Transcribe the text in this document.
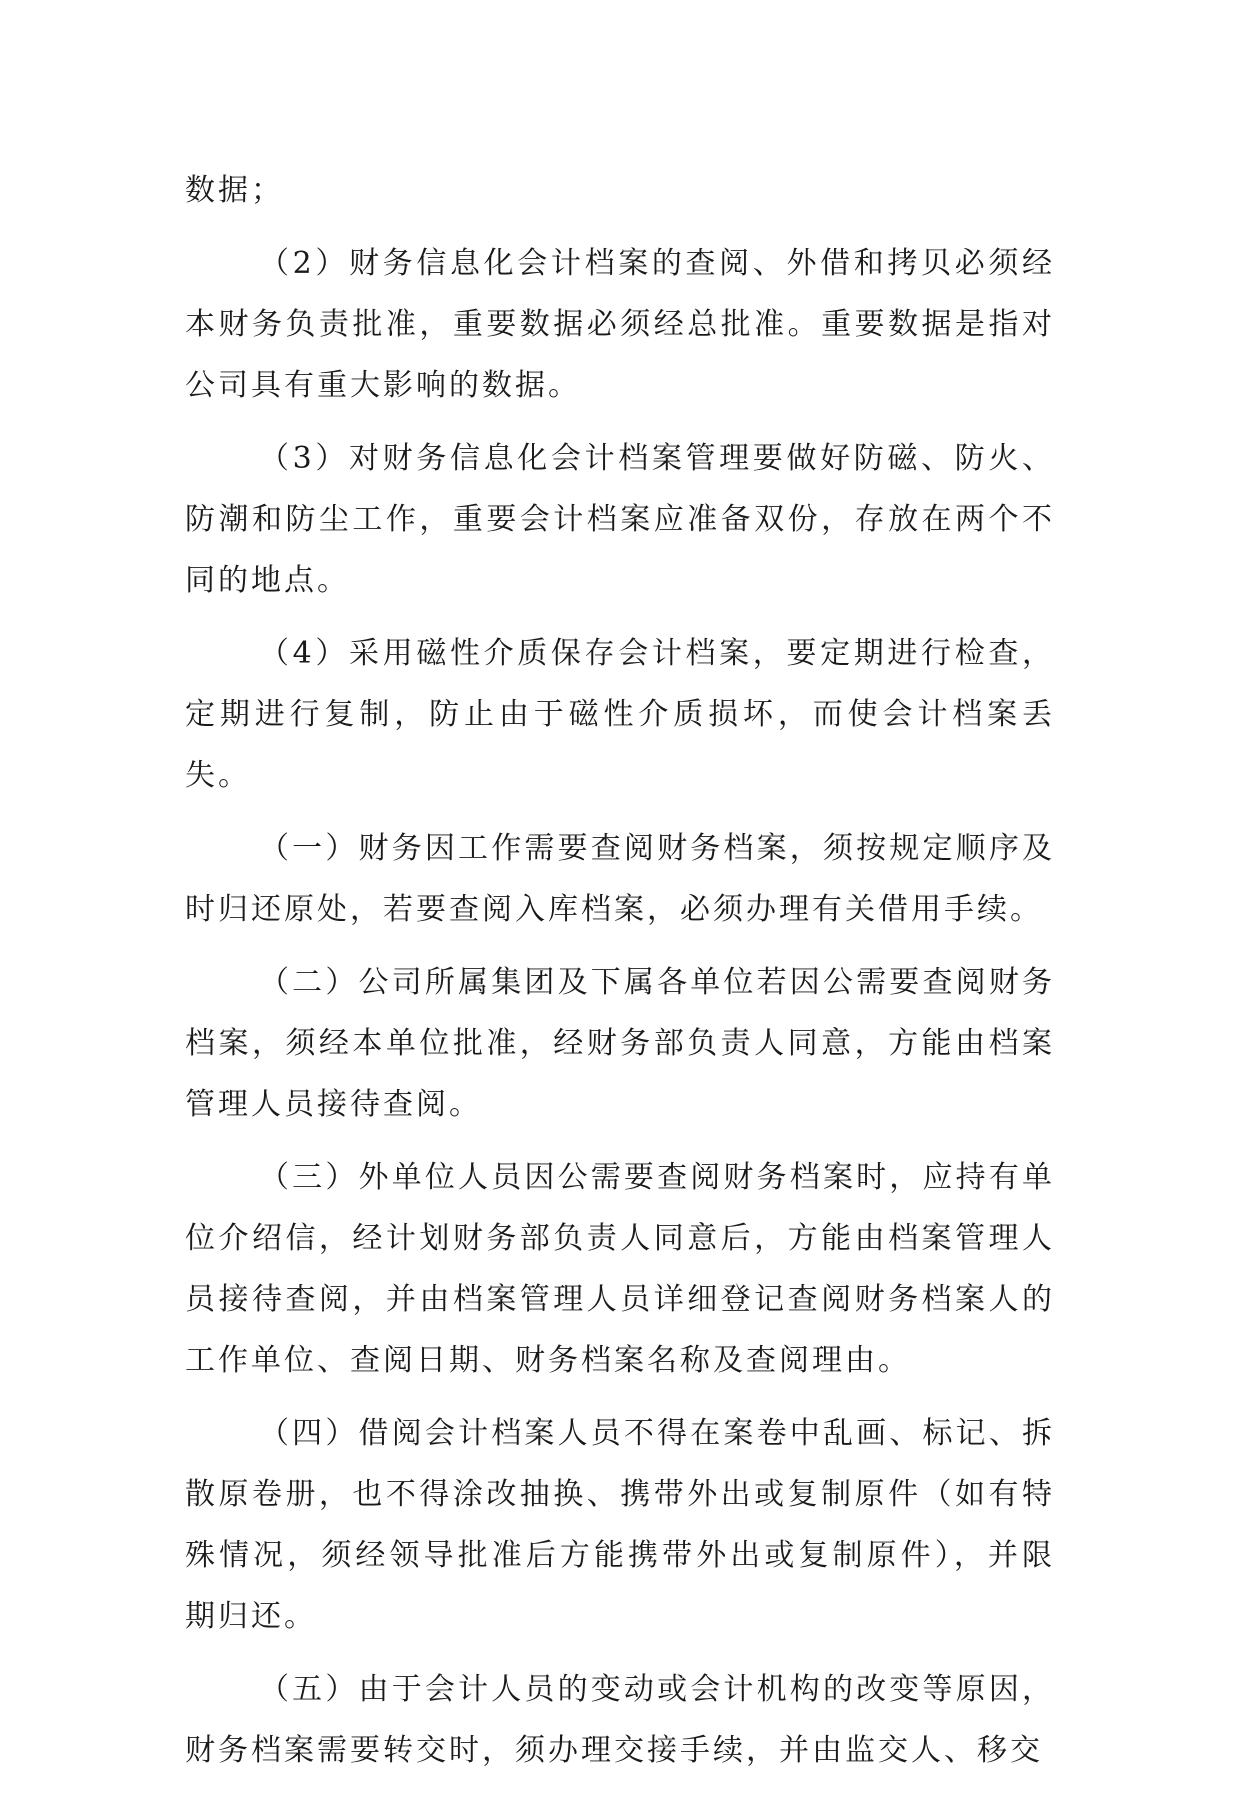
数据；

（2）财务信息化会计档案的查阅、外借和拷贝必须经本财务负责批准，重要数据必须经总批准。重要数据是指对公司具有重大影响的数据。

（3）对财务信息化会计档案管理要做好防磁、防火、防潮和防尘工作，重要会计档案应准备双份，存放在两个不同的地点。

（4）采用磁性介质保存会计档案，要定期进行检查，定期进行复制，防止由于磁性介质损坏，而使会计档案丢失。

（一）财务因工作需要查阅财务档案，须按规定顺序及时归还原处，若要查阅入库档案，必须办理有关借用手续。

（二）公司所属集团及下属各单位若因公需要查阅财务档案，须经本单位批准，经财务部负责人同意，方能由档案管理人员接待查阅。

（三）外单位人员因公需要查阅财务档案时，应持有单位介绍信，经计划财务部负责人同意后，方能由档案管理人员接待查阅，并由档案管理人员详细登记查阅财务档案人的工作单位、查阅日期、财务档案名称及查阅理由。

（四）借阅会计档案人员不得在案卷中乱画、标记、拆散原卷册，也不得涂改抽换、携带外出或复制原件（如有特殊情况，须经领导批准后方能携带外出或复制原件），并限期归还。

（五）由于会计人员的变动或会计机构的改变等原因，财务档案需要转交时，须办理交接手续，并由监交人、移交
